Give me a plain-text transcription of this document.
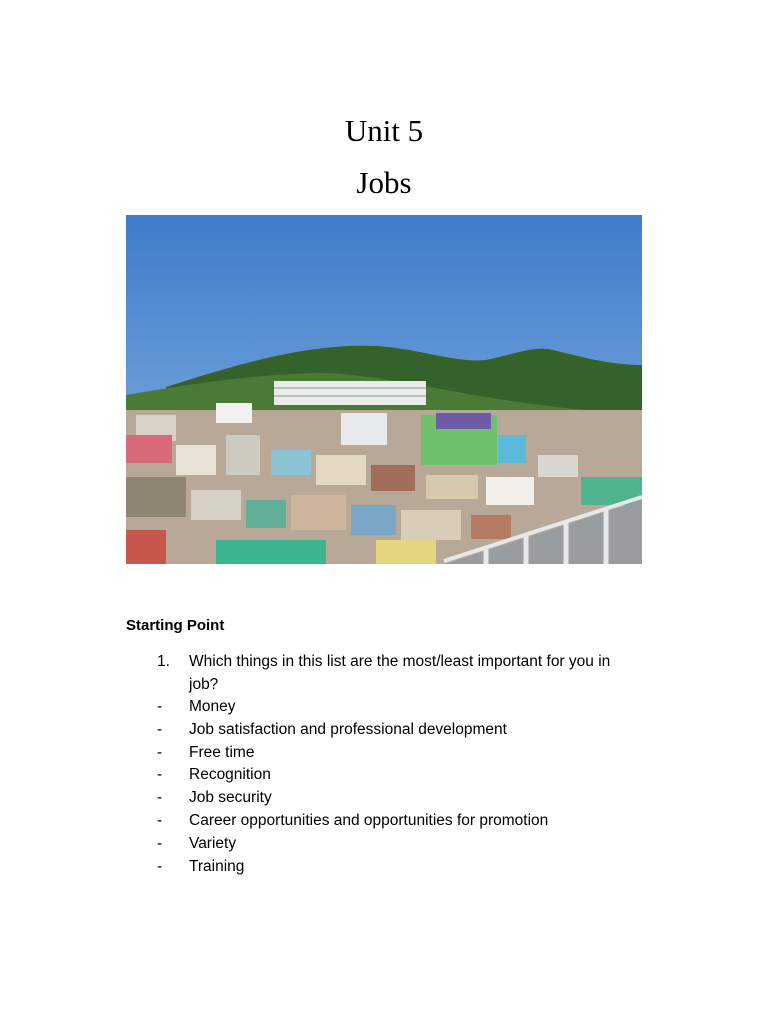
Unit 5
Jobs
Starting Point
1. Which things in this list are the most/least important for you in job?
- Money
- Job satisfaction and professional development
- Free time
- Recognition
- Job security
- Career opportunities and opportunities for promotion
- Variety
- Training
